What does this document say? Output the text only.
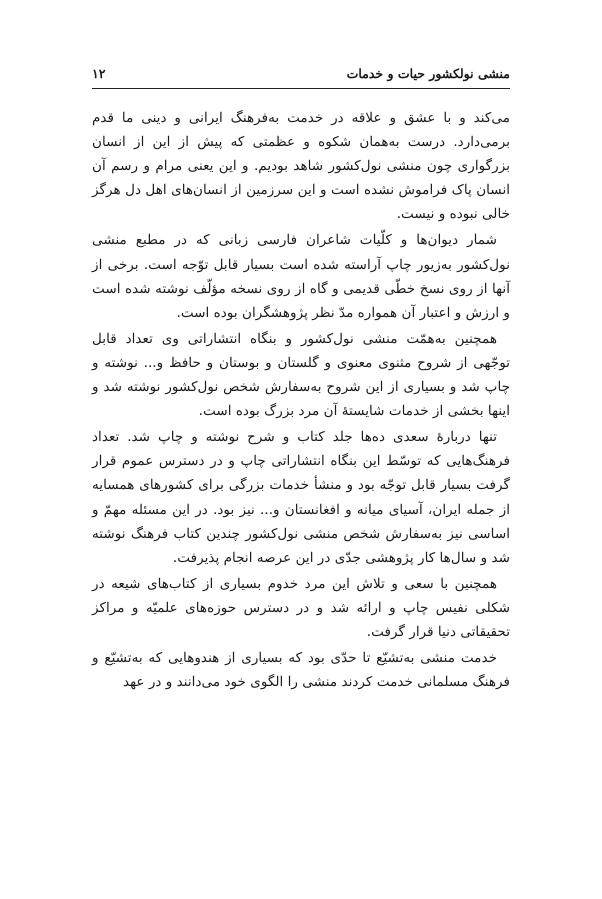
منشی نولکشور حیات و خدمات
۱۲

می‌کند و با عشق و علاقه در خدمت به‌فرهنگ ایرانی و دینی ما قدم برمی‌دارد. درست به‌همان شکوه و عظمتی که پیش از این از انسان بزرگواری چون منشی نول‌کشور شاهد بودیم. و این یعنی مرام و رسم آن انسان پاک فراموش نشده است و این سرزمین از انسان‌های اهل دل هرگز خالی نبوده و نیست.

شمار دیوان‌ها و کلّیات شاعران فارسی زبانی که در مطبع منشی نول‌کشور به‌زیور چاپ آراسته شده است بسیار قابل توّجه است. برخی از آنها از روی نسخ خطّی قدیمی و گاه از روی نسخه مؤلّف نوشته شده است و ارزش و اعتبار آن همواره مدّ نظر پژوهشگران بوده است.

همچنین به‌همّت منشی نول‌کشور و بنگاه انتشاراتی وی تعداد قابل توجّهی از شروح مثنوی معنوی و گلستان و بوستان و حافظ و... نوشته و چاپ شد و بسیاری از این شروح به‌سفارش شخص نول‌کشور نوشته شد و اینها بخشی از خدمات شایستهٔ آن مرد بزرگ بوده است.

تنها دربارهٔ سعدی ده‌ها جلد کتاب و شرح نوشته و چاپ شد. تعداد فرهنگ‌هایی که توسّط این بنگاه انتشاراتی چاپ و در دسترس عموم قرار گرفت بسیار قابل توجّه بود و منشأ خدمات بزرگی برای کشورهای همسایه از جمله ایران، آسیای میانه و افغانستان و... نیز بود. در این مسئله مهمّ و اساسی نیز به‌سفارش شخص منشی نول‌کشور چندین کتاب فرهنگ نوشته شد و سال‌ها کار پژوهشی جدّی در این عرصه انجام پذیرفت.

همچنین با سعی و تلاش این مرد خدوم بسیاری از کتاب‌های شیعه در شکلی نفیس چاپ و ارائه شد و در دسترس حوزه‌های علمیّه و مراکز تحقیقاتی دنیا قرار گرفت.

خدمت منشی به‌تشیّع تا حدّی بود که بسیاری از هندوهایی که به‌تشیّع و فرهنگ مسلمانی خدمت کردند منشی را الگوی خود می‌دانند و در عهد
